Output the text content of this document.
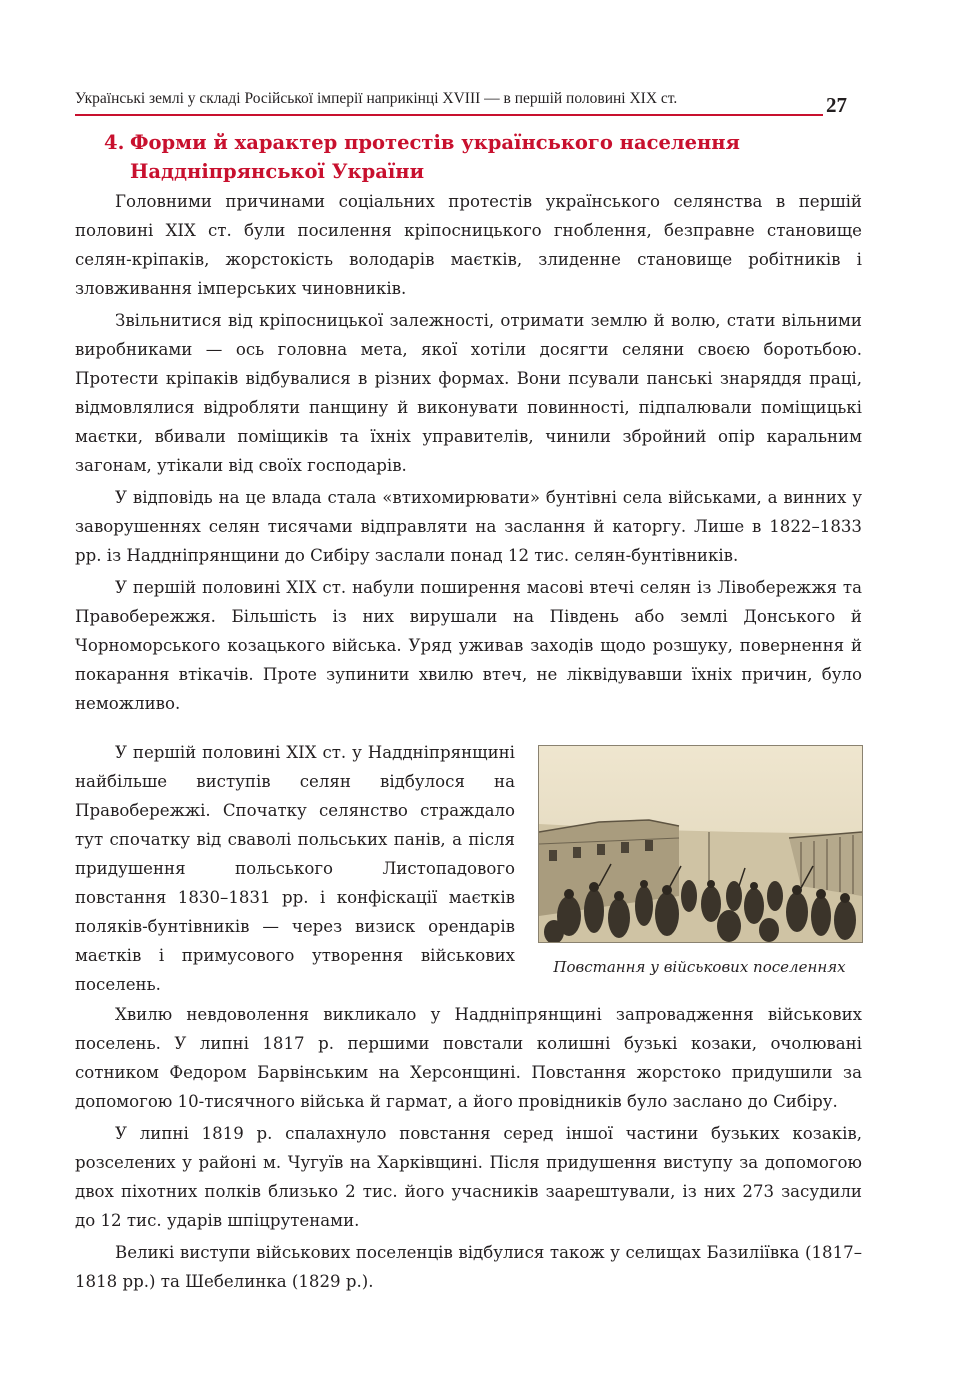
Українські землі у складі Російської імперії наприкінці XVIII — в першій половині XIX ст.	27
4. Форми й характер протестів українського населення
Наддніпрянської України

Головними причинами соціальних протестів українського селянства в першій половині XIX ст. були посилення кріпосницького гноблення, безправне становище селян-кріпаків, жорстокість володарів маєтків, злиденне становище робітників і зловживання імперських чиновників.

Звільнитися від кріпосницької залежності, отримати землю й волю, стати вільними виробниками — ось головна мета, якої хотіли досягти селяни своєю боротьбою. Протести кріпаків відбувалися в різних формах. Вони псували панські знаряддя праці, відмовлялися відробляти панщину й виконувати повинності, підпалювали поміщицькі маєтки, вбивали поміщиків та їхніх управителів, чинили збройний опір каральним загонам, утікали від своїх господарів.

У відповідь на це влада стала «втихомирювати» бунтівні села військами, а винних у заворушеннях селян тисячами відправляти на заслання й каторгу. Лише в 1822–1833 рр. із Наддніпрянщини до Сибіру заслали понад 12 тис. селян-бунтівників.

У першій половині XIX ст. набули поширення масові втечі селян із Лівобережжя та Правобережжя. Більшість із них вирушали на Південь або землі Донського й Чорноморського козацького війська. Уряд уживав заходів щодо розшуку, повернення й покарання втікачів. Проте зупинити хвилю втеч, не ліквідувавши їхніх причин, було неможливо.

У першій половині XIX ст. у Наддніпрянщині найбільше виступів селян відбулося на Правобережжі. Спочатку селянство страждало тут спочатку від сваволі польських панів, а після придушення польського Листопадового повстання 1830–1831 рр. і конфіскації маєтків поляків-бунтівників — через визиск орендарів маєтків і примусового утворення військових поселень.

Повстання у військових поселеннях

Хвилю невдоволення викликало у Наддніпрянщині запровадження військових поселень. У липні 1817 р. першими повстали колишні бузькі козаки, очолювані сотником Федором Барвінським на Херсонщині. Повстання жорстоко придушили за допомогою 10-тисячного війська й гармат, а його провідників було заслано до Сибіру.

У липні 1819 р. спалахнуло повстання серед іншої частини бузьких козаків, розселених у районі м. Чугуїв на Харківщині. Після придушення виступу за допомогою двох піхотних полків близько 2 тис. його учасників заарештували, із них 273 засудили до 12 тис. ударів шпіцрутенами.

Великі виступи військових поселенців відбулися також у селищах Базиліївка (1817–1818 рр.) та Шебелинка (1829 р.).
